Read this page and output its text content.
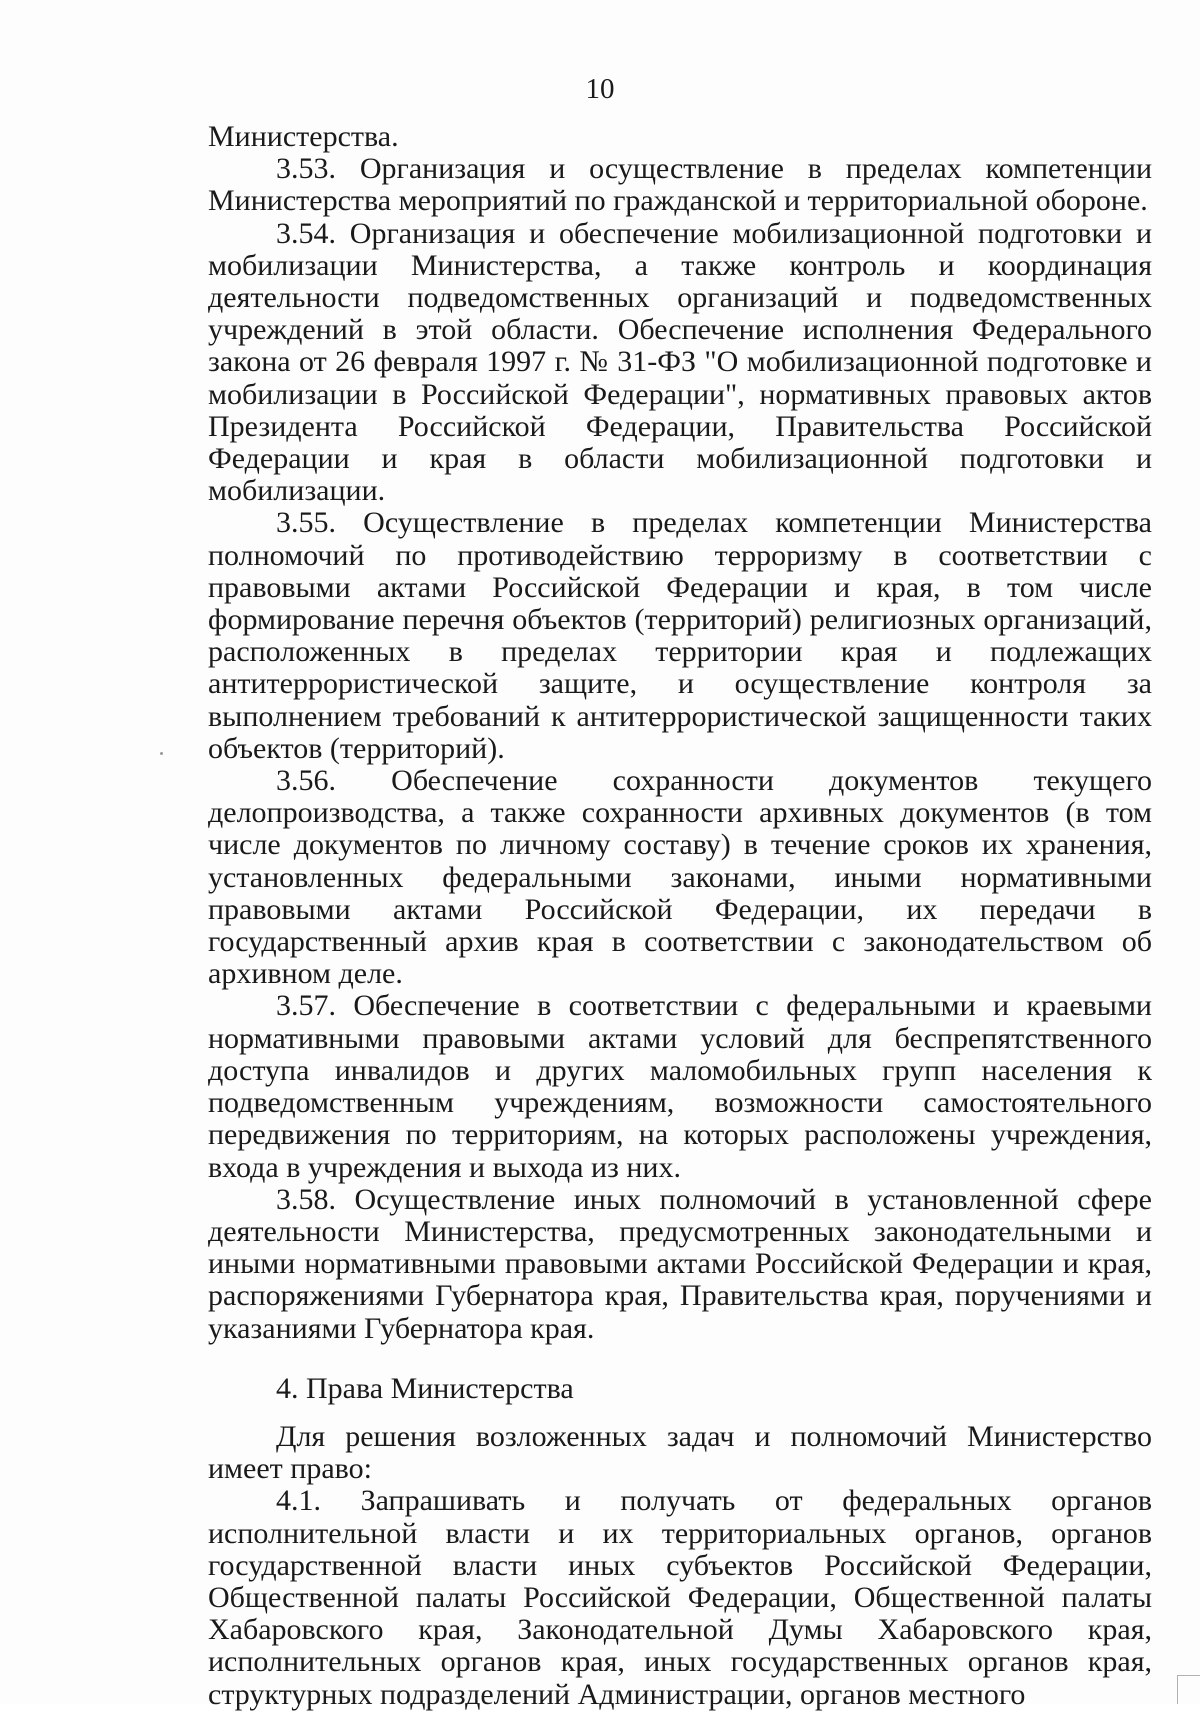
10

Министерства.

3.53. Организация и осуществление в пределах компетенции Министерства мероприятий по гражданской и территориальной обороне.

3.54. Организация и обеспечение мобилизационной подготовки и мобилизации Министерства, а также контроль и координация деятельности подведомственных организаций и подведомственных учреждений в этой области. Обеспечение исполнения Федерального закона от 26 февраля 1997 г. № 31-ФЗ "О мобилизационной подготовке и мобилизации в Российской Федерации", нормативных правовых актов Президента Российской Федерации, Правительства Российской Федерации и края в области мобилизационной подготовки и мобилизации.

3.55. Осуществление в пределах компетенции Министерства полномочий по противодействию терроризму в соответствии с правовыми актами Российской Федерации и края, в том числе формирование перечня объектов (территорий) религиозных организаций, расположенных в пределах территории края и подлежащих антитеррористической защите, и осуществление контроля за выполнением требований к антитеррористической защищенности таких объектов (территорий).

3.56. Обеспечение сохранности документов текущего делопроизводства, а также сохранности архивных документов (в том числе документов по личному составу) в течение сроков их хранения, установленных федеральными законами, иными нормативными правовыми актами Российской Федерации, их передачи в государственный архив края в соответствии с законодательством об архивном деле.

3.57. Обеспечение в соответствии с федеральными и краевыми нормативными правовыми актами условий для беспрепятственного доступа инвалидов и других маломобильных групп населения к подведомственным учреждениям, возможности самостоятельного передвижения по территориям, на которых расположены учреждения, входа в учреждения и выхода из них.

3.58. Осуществление иных полномочий в установленной сфере деятельности Министерства, предусмотренных законодательными и иными нормативными правовыми актами Российской Федерации и края, распоряжениями Губернатора края, Правительства края, поручениями и указаниями Губернатора края.

4. Права Министерства

Для решения возложенных задач и полномочий Министерство имеет право:

4.1. Запрашивать и получать от федеральных органов исполнительной власти и их территориальных органов, органов государственной власти иных субъектов Российской Федерации, Общественной палаты Российской Федерации, Общественной палаты Хабаровского края, Законодательной Думы Хабаровского края, исполнительных органов края, иных государственных органов края, структурных подразделений Администрации, органов местного
